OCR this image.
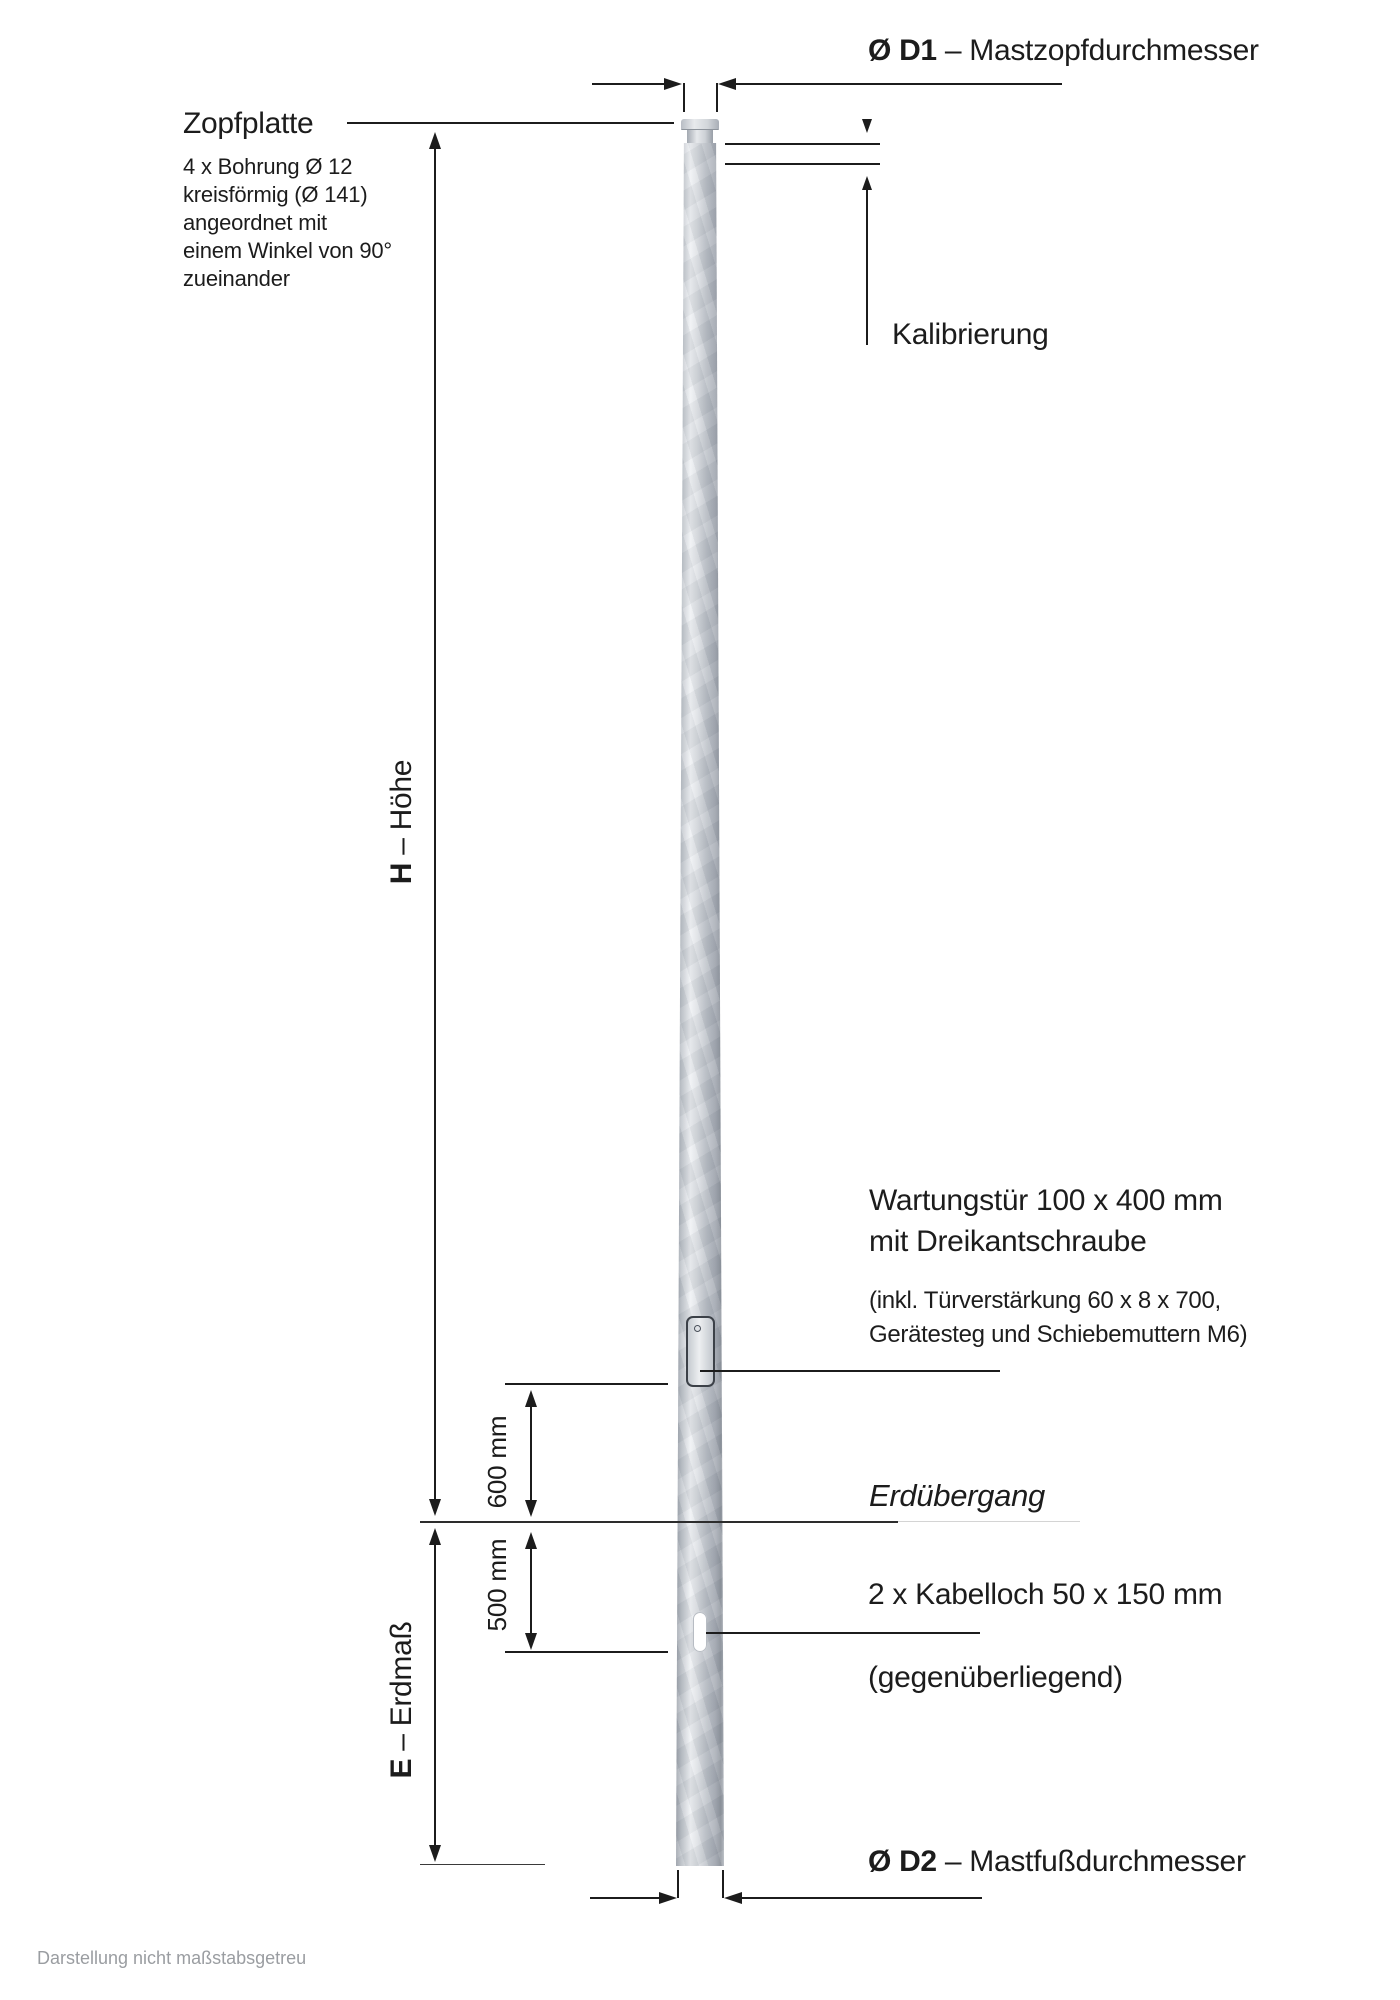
Ø D1 – Mastzopfdurchmesser
Zopfplatte
4 x Bohrung Ø 12
kreisförmig (Ø 141)
angeordnet mit
einem Winkel von 90°
zueinander
Kalibrierung
H – Höhe
Wartungstür 100 x 400 mm
mit Dreikantschraube
(inkl. Türverstärkung 60 x 8 x 700,
Gerätesteg und Schiebemuttern M6)
600 mm	Erdübergang
500 mm	2 x Kabelloch 50 x 150 mm
(gegenüberliegend)
E – Erdmaß
Ø D2 – Mastfußdurchmesser
Darstellung nicht maßstabsgetreu
